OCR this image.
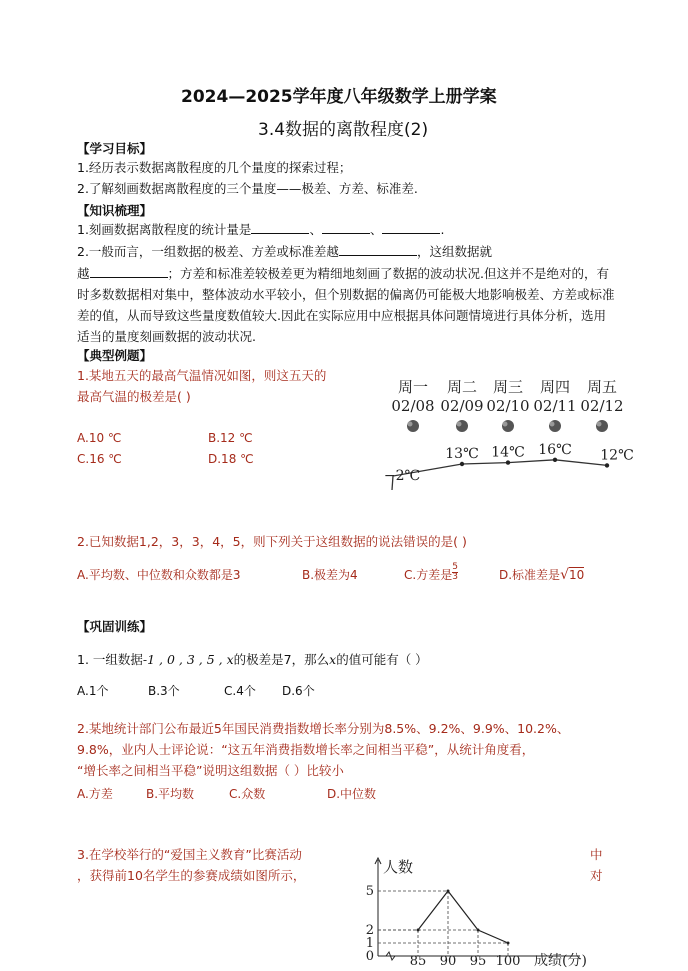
2024—2025学年度八年级数学上册学案
3.4数据的离散程度(2)
【学习目标】
1.经历表示数据离散程度的几个量度的探索过程；
2.了解刻画数据离散程度的三个量度——极差、方差、标准差.
【知识梳理】
1.刻画数据离散程度的统计量是	、	、	.
2.一般而言，一组数据的极差、方差或标准差越	，这组数据就
越	；方差和标准差较极差更为精细地刻画了数据的波动状况.但这并不是绝对的，有时多数数据相对集中，整体波动水平较小，但个别数据的偏离仍可能极大地影响极差、方差或标准差的值，从而导致这些量度数值较大.因此在实际应用中应根据具体问题情境进行具体分析，选用适当的量度刻画数据的波动状况.
【典型例题】
1.某地五天的最高气温情况如图，则这五天的
最高气温的极差是( )
A.10 ℃	B.12 ℃
C.16 ℃	D.18 ℃
周一
02/08
周二
02/09
周三
02/10
周四
02/11
周五
02/12
−2℃
13℃ 14℃ 16℃ 12℃
2.已知数据1,2，3，3，4，5，则下列关于这组数据的说法错误的是( )
A.平均数、中位数和众数都是3	B.极差为4	C.方差是 $\frac{5}{3}$	D.标准差是√10
【巩固训练】
1. 一组数据-1 , 0 , 3 , 5 , x的极差是7，那么x的值可能有（ ）
A.1个	B.3个	C.4个 D.6个
2.某地统计部门公布最近5年国民消费指数增长率分别为8.5%、9.2%、9.9%、10.2%、
9.8%，业内人士评论说：“这五年消费指数增长率之间相当平稳”，从统计角度看，
“增长率之间相当平稳”说明这组数据（ ）比较小
A.方差	B.平均数	C.众数	D.中位数
3.在学校举行的“爱国主义教育”比赛活动	中
，获得前10名学生的参赛成绩如图所示，	对
人数
成绩(分)
0
1
2
5
85 90 95 100
